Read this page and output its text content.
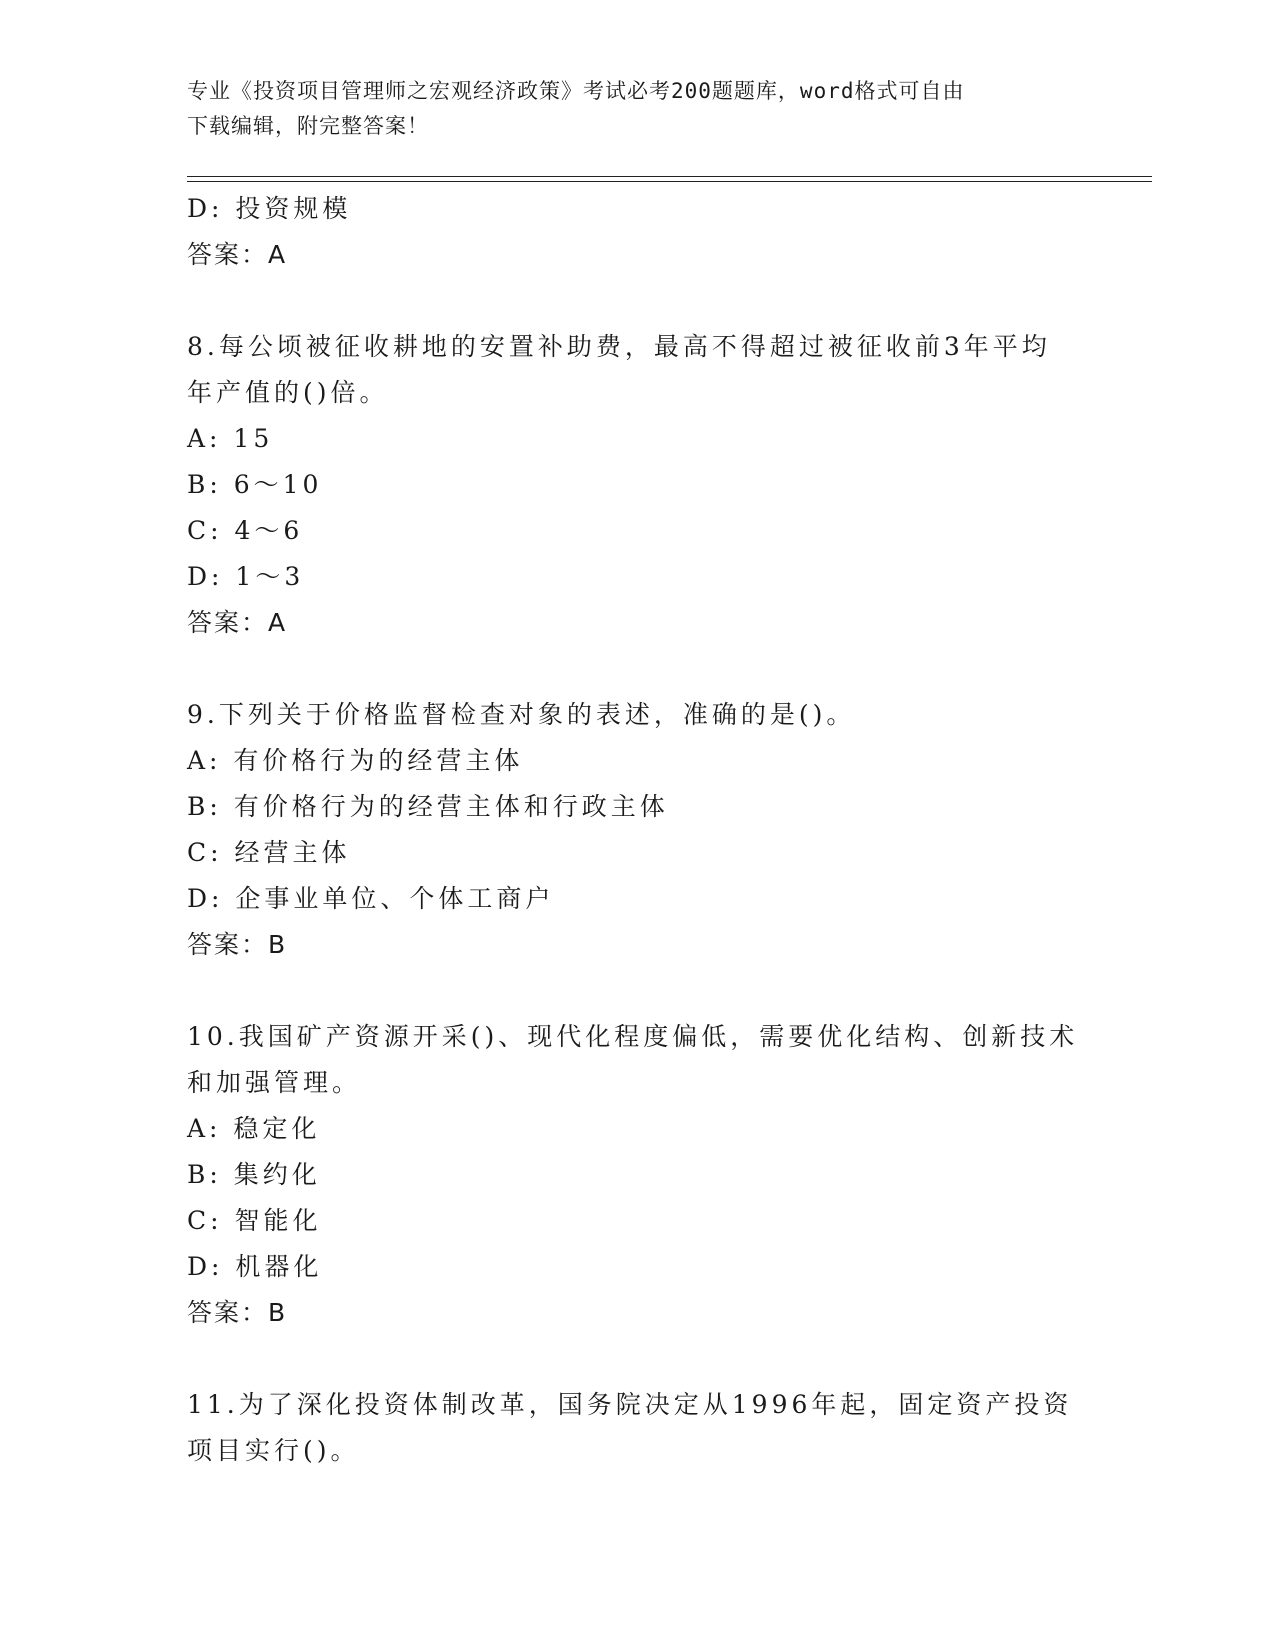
专业《投资项目管理师之宏观经济政策》考试必考200题题库，word格式可自由
下载编辑，附完整答案！
D: 投资规模
答案：A
8.每公顷被征收耕地的安置补助费，最高不得超过被征收前3年平均
年产值的()倍。
A: 15
B: 6～10
C: 4～6
D: 1～3
答案：A
9.下列关于价格监督检查对象的表述，准确的是()。
A: 有价格行为的经营主体
B: 有价格行为的经营主体和行政主体
C: 经营主体
D: 企事业单位、个体工商户
答案：B
10.我国矿产资源开采()、现代化程度偏低，需要优化结构、创新技术
和加强管理。
A: 稳定化
B: 集约化
C: 智能化
D: 机器化
答案：B
11.为了深化投资体制改革，国务院决定从1996年起，固定资产投资
项目实行()。
